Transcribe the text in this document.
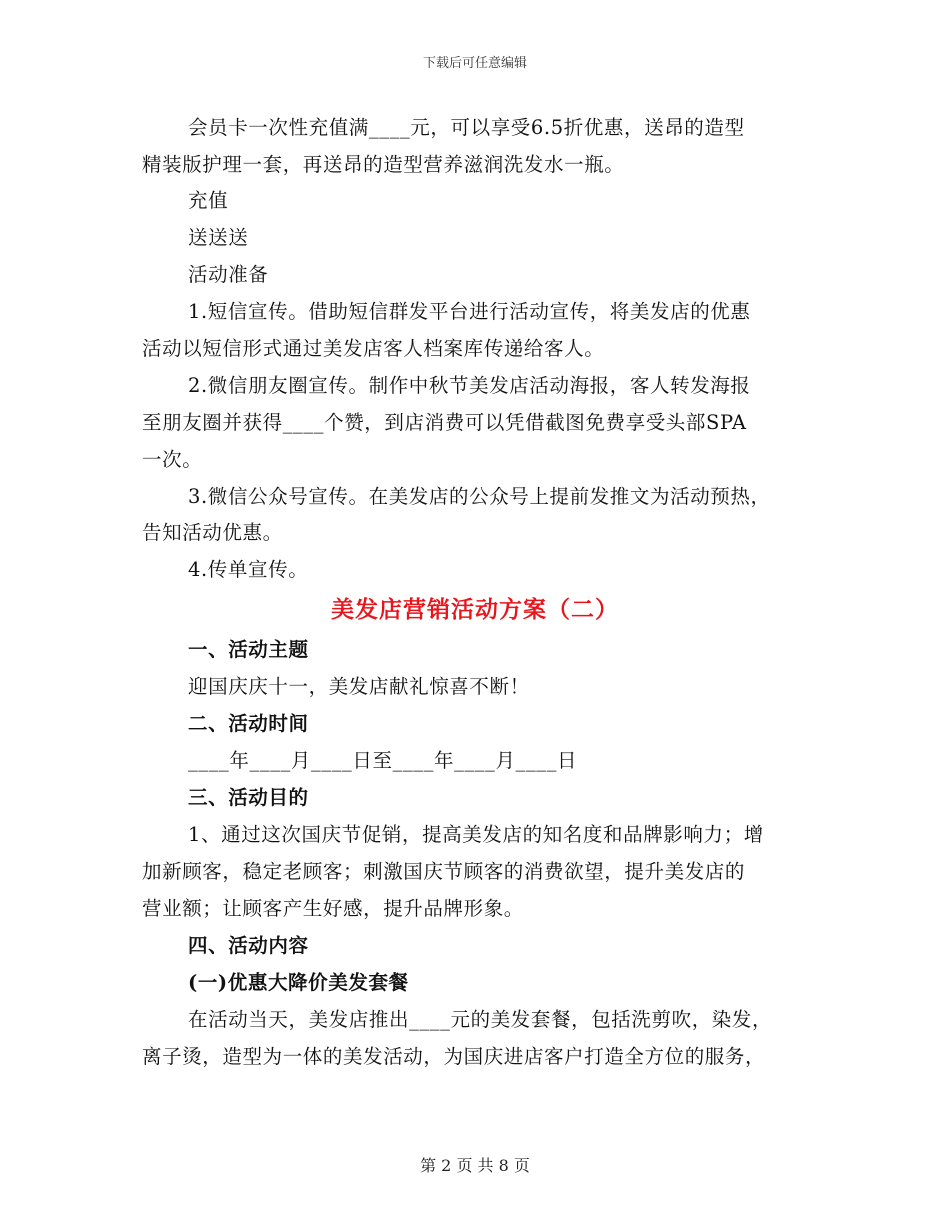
下载后可任意编辑
会员卡一次性充值满____元，可以享受6.5折优惠，送昂的造型
精装版护理一套，再送昂的造型营养滋润洗发水一瓶。
充值
送送送
活动准备
1.短信宣传。借助短信群发平台进行活动宣传，将美发店的优惠
活动以短信形式通过美发店客人档案库传递给客人。
2.微信朋友圈宣传。制作中秋节美发店活动海报，客人转发海报
至朋友圈并获得____个赞，到店消费可以凭借截图免费享受头部SPA
一次。
3.微信公众号宣传。在美发店的公众号上提前发推文为活动预热，
告知活动优惠。
4.传单宣传。
美发店营销活动方案（二）
一、活动主题
迎国庆庆十一，美发店献礼惊喜不断！
二、活动时间
____年____月____日至____年____月____日
三、活动目的
1、通过这次国庆节促销，提高美发店的知名度和品牌影响力；增
加新顾客，稳定老顾客；刺激国庆节顾客的消费欲望，提升美发店的
营业额；让顾客产生好感，提升品牌形象。
四、活动内容
(一)优惠大降价美发套餐
在活动当天，美发店推出____元的美发套餐，包括洗剪吹，染发，
离子烫，造型为一体的美发活动，为国庆进店客户打造全方位的服务，
第 2 页 共 8 页
